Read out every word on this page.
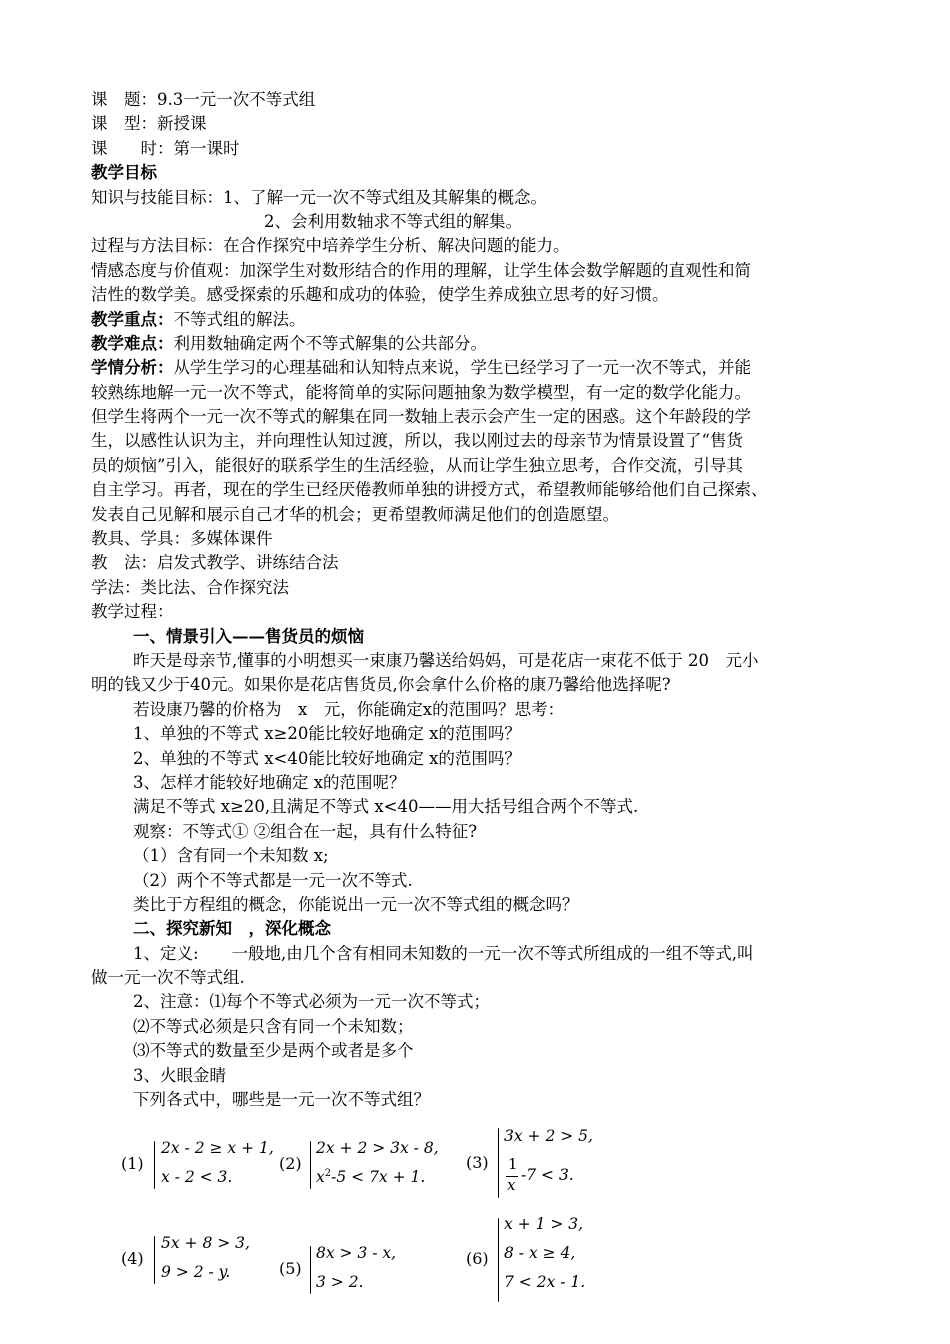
课　题：9.3一元一次不等式组
课　型：新授课
课　　时：第一课时
教学目标
知识与技能目标：1、了解一元一次不等式组及其解集的概念。
2、会利用数轴求不等式组的解集。
过程与方法目标：在合作探究中培养学生分析、解决问题的能力。
情感态度与价值观：加深学生对数形结合的作用的理解，让学生体会数学解题的直观性和简
洁性的数学美。感受探索的乐趣和成功的体验，使学生养成独立思考的好习惯。
教学重点：不等式组的解法。
教学难点：利用数轴确定两个不等式解集的公共部分。
学情分析：从学生学习的心理基础和认知特点来说，学生已经学习了一元一次不等式，并能
较熟练地解一元一次不等式，能将简单的实际问题抽象为数学模型，有一定的数学化能力。
但学生将两个一元一次不等式的解集在同一数轴上表示会产生一定的困惑。这个年龄段的学
生，以感性认识为主，并向理性认知过渡，所以，我以刚过去的母亲节为情景设置了“售货
员的烦恼”引入，能很好的联系学生的生活经验，从而让学生独立思考，合作交流，引导其
自主学习。再者，现在的学生已经厌倦教师单独的讲授方式，希望教师能够给他们自己探索、
发表自己见解和展示自己才华的机会；更希望教师满足他们的创造愿望。
教具、学具：多媒体课件
教　法：启发式教学、讲练结合法
学法：类比法、合作探究法
教学过程：
一、情景引入——售货员的烦恼
昨天是母亲节,懂事的小明想买一束康乃馨送给妈妈，可是花店一束花不低于 20　元小
明的钱又少于40元。如果你是花店售货员,你会拿什么价格的康乃馨给他选择呢?
若设康乃馨的价格为　x　元，你能确定x的范围吗？思考：
1、单独的不等式 x≥20能比较好地确定 x的范围吗？
2、单独的不等式 x<40能比较好地确定 x的范围吗？
3、怎样才能较好地确定 x的范围呢？
满足不等式 x≥20,且满足不等式 x<40——用大括号组合两个不等式.
观察：不等式① ②组合在一起，具有什么特征?
（1）含有同一个未知数 x;
（2）两个不等式都是一元一次不等式.
类比于方程组的概念，你能说出一元一次不等式组的概念吗？
二、探究新知　，深化概念
1、定义:　　一般地,由几个含有相同未知数的一元一次不等式所组成的一组不等式,叫
做一元一次不等式组.
2、注意：⑴每个不等式必须为一元一次不等式；
⑵不等式必须是只含有同一个未知数；
⑶不等式的数量至少是两个或者是多个
3、火眼金睛
下列各式中，哪些是一元一次不等式组？
(1)
2x - 2 ≥ x + 1,
x - 2 < 3.
(2)
2x + 2 > 3x - 8,
$x^2-5 < 7x + 1$.
(3)
3x + 2 > 5,
1
x
-7 < 3.
(4)
5x + 8 > 3,
9 > 2 - y.	(5)
8x > 3 - x,
3 > 2.
(6)
x + 1 > 3,
8 - x ≥ 4,
7 < 2x - 1.
